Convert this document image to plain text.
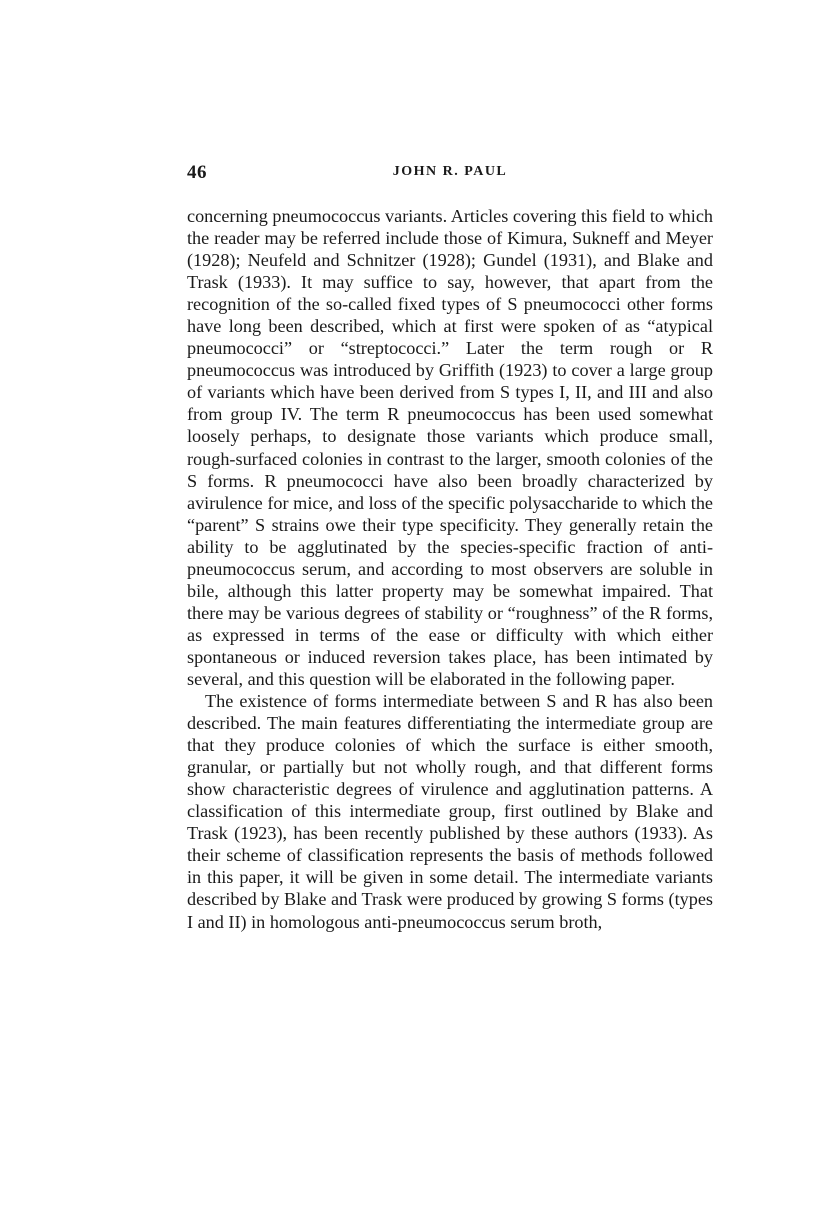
46	JOHN R. PAUL

concerning pneumococcus variants. Articles covering this field to which the reader may be referred include those of Kimura, Sukneff and Meyer (1928); Neufeld and Schnitzer (1928); Gundel (1931), and Blake and Trask (1933). It may suffice to say, however, that apart from the recognition of the so-called fixed types of S pneumococci other forms have long been described, which at first were spoken of as “atypical pneumococci” or “streptococci.” Later the term rough or R pneumococcus was introduced by Griffith (1923) to cover a large group of variants which have been derived from S types I, II, and III and also from group IV. The term R pneumococcus has been used somewhat loosely perhaps, to designate those variants which produce small, rough-surfaced colonies in contrast to the larger, smooth colonies of the S forms. R pneumococci have also been broadly characterized by avirulence for mice, and loss of the specific polysaccharide to which the “parent” S strains owe their type specificity. They generally retain the ability to be agglutinated by the species-specific fraction of anti-pneumococcus serum, and according to most observers are soluble in bile, although this latter property may be somewhat impaired. That there may be various degrees of stability or “roughness” of the R forms, as expressed in terms of the ease or difficulty with which either spontaneous or induced reversion takes place, has been intimated by several, and this question will be elaborated in the following paper.

The existence of forms intermediate between S and R has also been described. The main features differentiating the intermediate group are that they produce colonies of which the surface is either smooth, granular, or partially but not wholly rough, and that different forms show characteristic degrees of virulence and agglutination patterns. A classification of this intermediate group, first outlined by Blake and Trask (1923), has been recently published by these authors (1933). As their scheme of classification represents the basis of methods followed in this paper, it will be given in some detail. The intermediate variants described by Blake and Trask were produced by growing S forms (types I and II) in homologous anti-pneumococcus serum broth,
